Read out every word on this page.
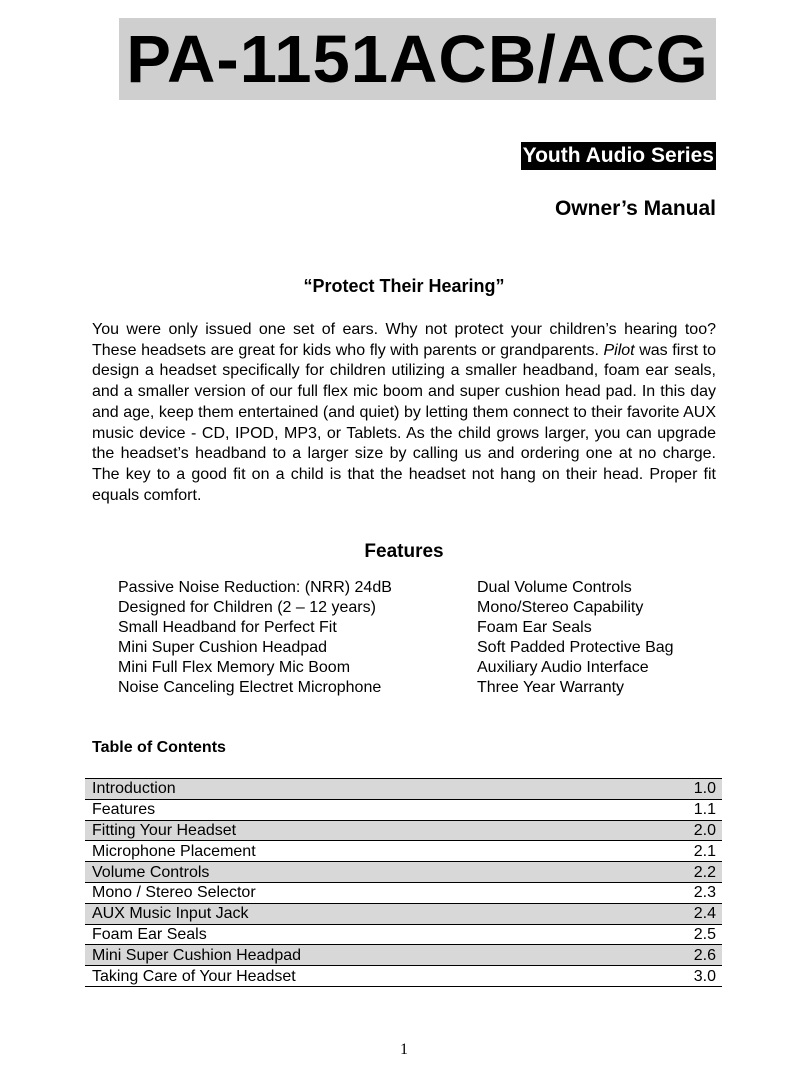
PA-1151ACB/ACG
Youth Audio Series
Owner’s Manual
“Protect Their Hearing”

You were only issued one set of ears. Why not protect your children’s hearing too? These headsets are great for kids who fly with parents or grandparents. Pilot was first to design a headset specifically for children utilizing a smaller headband, foam ear seals, and a smaller version of our full flex mic boom and super cushion head pad. In this day and age, keep them entertained (and quiet) by letting them connect to their favorite AUX music device - CD, IPOD, MP3, or Tablets. As the child grows larger, you can upgrade the headset’s headband to a larger size by calling us and ordering one at no charge. The key to a good fit on a child is that the headset not hang on their head. Proper fit equals comfort.

Features
Passive Noise Reduction: (NRR) 24dB
Designed for Children (2 – 12 years)
Small Headband for Perfect Fit
Mini Super Cushion Headpad
Mini Full Flex Memory Mic Boom
Noise Canceling Electret Microphone
Dual Volume Controls
Mono/Stereo Capability
Foam Ear Seals
Soft Padded Protective Bag
Auxiliary Audio Interface
Three Year Warranty
Table of Contents
Introduction	1.0
Features	1.1
Fitting Your Headset	2.0
Microphone Placement	2.1
Volume Controls	2.2
Mono / Stereo Selector	2.3
AUX Music Input Jack	2.4
Foam Ear Seals	2.5
Mini Super Cushion Headpad	2.6
Taking Care of Your Headset	3.0
1
